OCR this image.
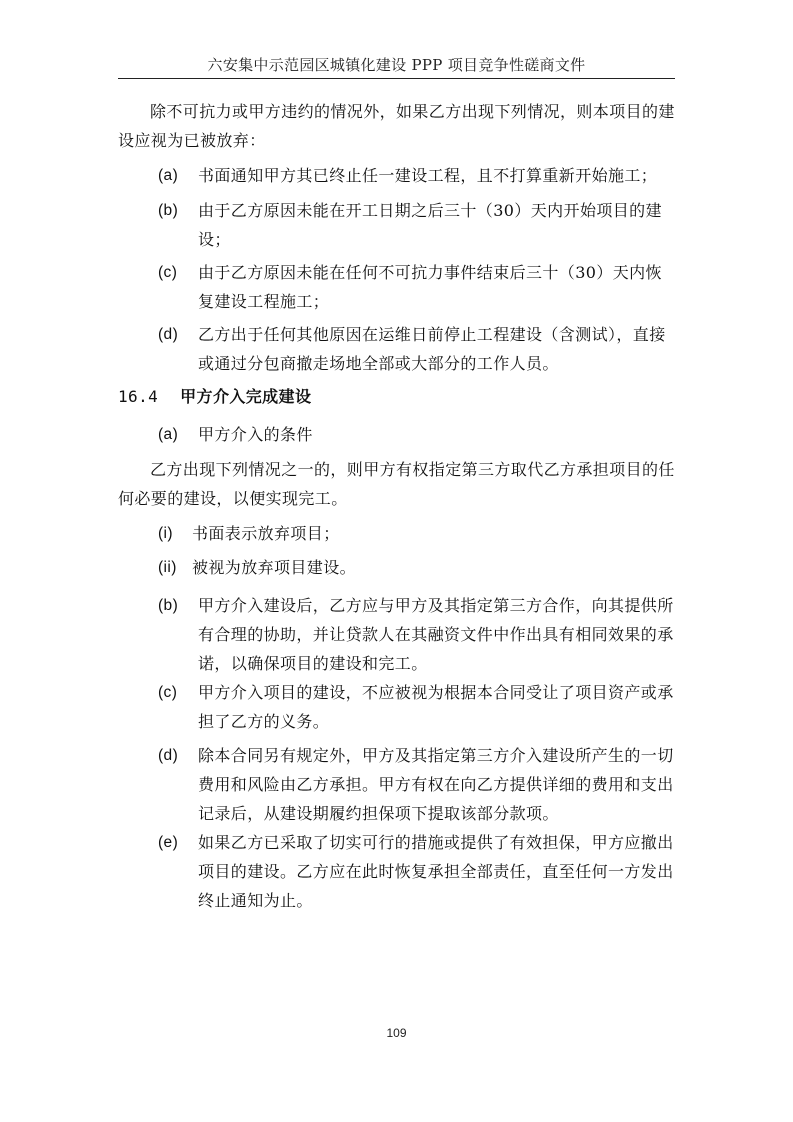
六安集中示范园区城镇化建设 PPP 项目竞争性磋商文件
除不可抗力或甲方违约的情况外，如果乙方出现下列情况，则本项目的建设应视为已被放弃：
(a) 书面通知甲方其已终止任一建设工程，且不打算重新开始施工；
(b) 由于乙方原因未能在开工日期之后三十（30）天内开始项目的建设；
(c) 由于乙方原因未能在任何不可抗力事件结束后三十（30）天内恢复建设工程施工；
(d) 乙方出于任何其他原因在运维日前停止工程建设（含测试），直接或通过分包商撤走场地全部或大部分的工作人员。
16.4 甲方介入完成建设
(a) 甲方介入的条件
乙方出现下列情况之一的，则甲方有权指定第三方取代乙方承担项目的任何必要的建设，以便实现完工。
(i) 书面表示放弃项目；
(ii) 被视为放弃项目建设。
(b) 甲方介入建设后，乙方应与甲方及其指定第三方合作，向其提供所有合理的协助，并让贷款人在其融资文件中作出具有相同效果的承诺，以确保项目的建设和完工。
(c) 甲方介入项目的建设，不应被视为根据本合同受让了项目资产或承担了乙方的义务。
(d) 除本合同另有规定外，甲方及其指定第三方介入建设所产生的一切费用和风险由乙方承担。甲方有权在向乙方提供详细的费用和支出记录后，从建设期履约担保项下提取该部分款项。
(e) 如果乙方已采取了切实可行的措施或提供了有效担保，甲方应撤出项目的建设。乙方应在此时恢复承担全部责任，直至任何一方发出终止通知为止。
109
